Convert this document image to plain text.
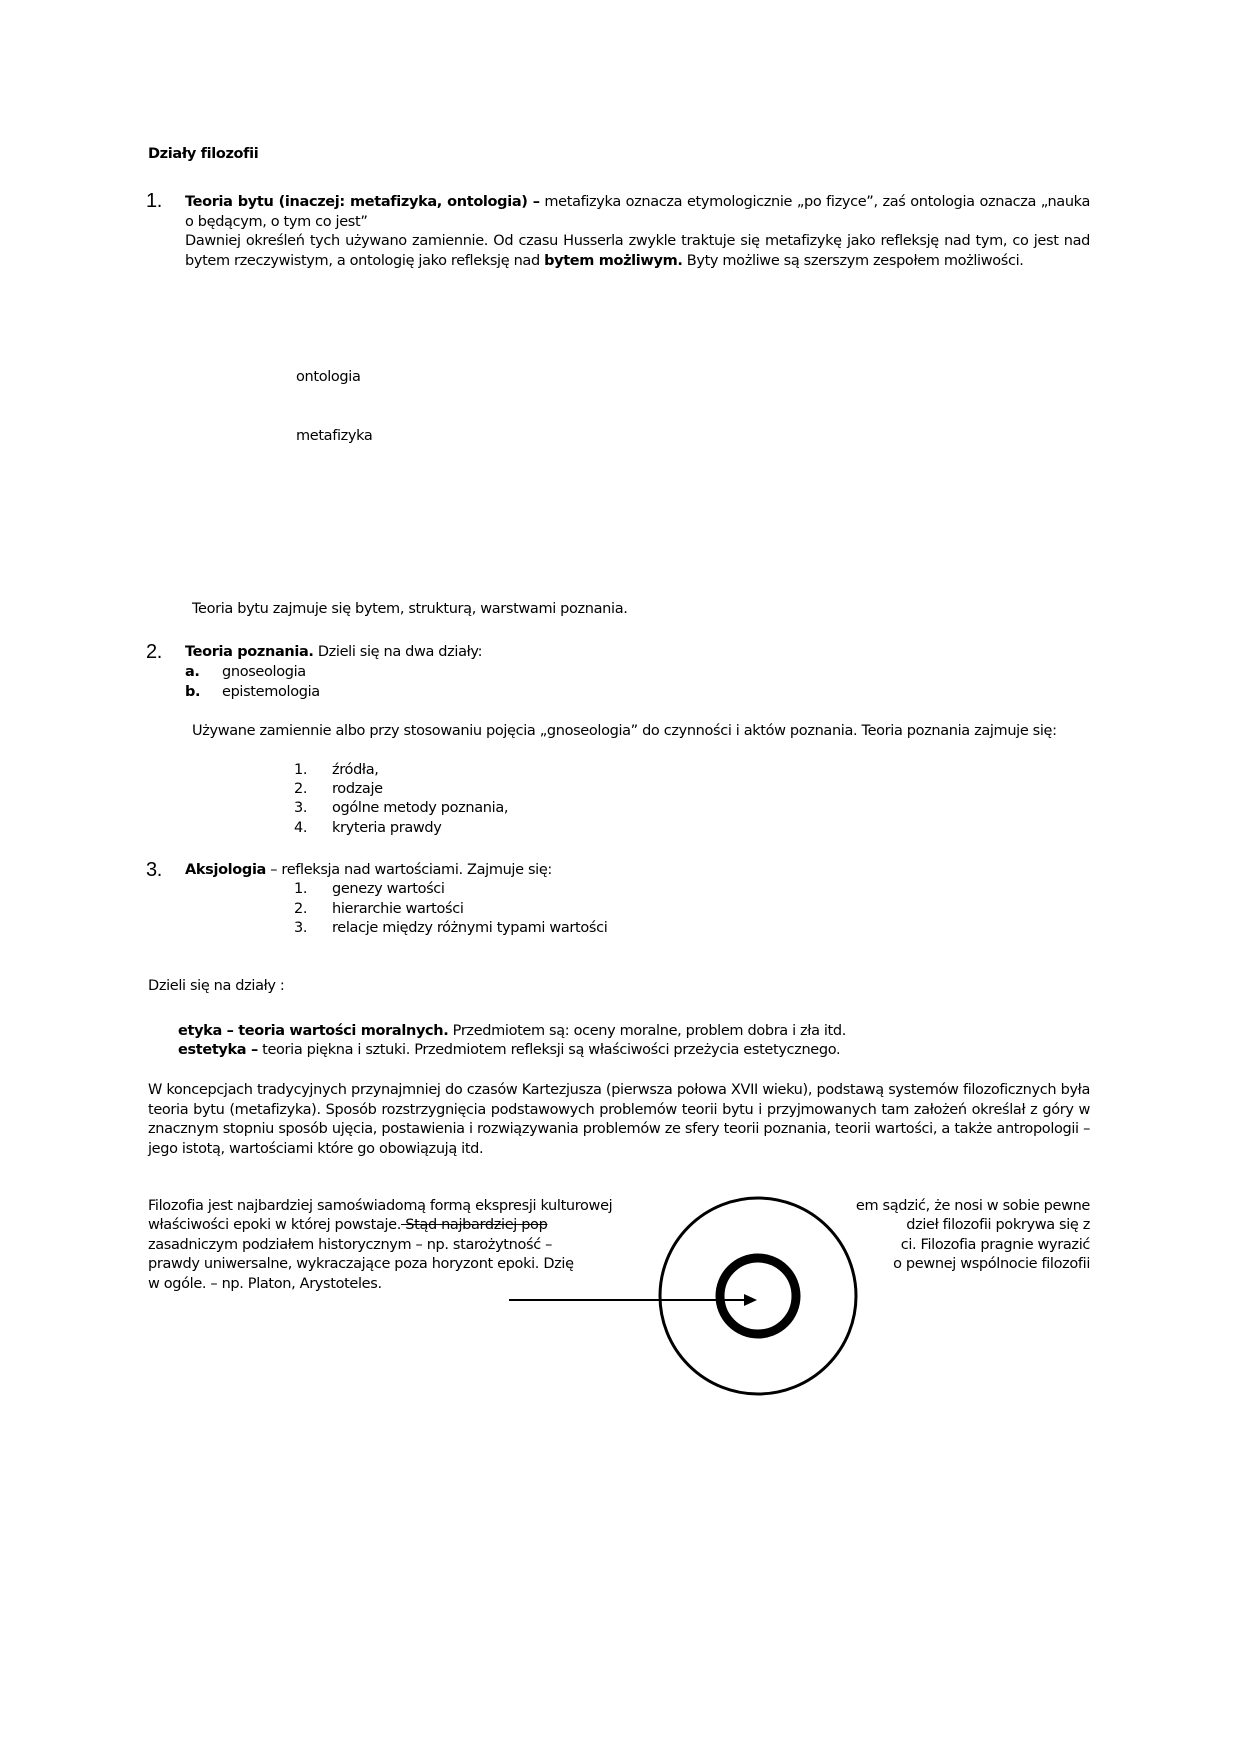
Działy filozofii
1. Teoria bytu (inaczej: metafizyka, ontologia) – metafizyka oznacza etymologicznie „po fizyce”, zaś ontologia oznacza „nauka o będącym, o tym co jest”
Dawniej określeń tych używano zamiennie. Od czasu Husserla zwykle traktuje się metafizykę jako refleksję nad tym, co jest nad bytem rzeczywistym, a ontologię jako refleksję nad bytem możliwym. Byty możliwe są szerszym zespołem możliwości.
ontologia
metafizyka
Teoria bytu zajmuje się bytem, strukturą, warstwami poznania.
2. Teoria poznania. Dzieli się na dwa działy:
a. gnoseologia
b. epistemologia
Używane zamiennie albo przy stosowaniu pojęcia „gnoseologia” do czynności i aktów poznania. Teoria poznania zajmuje się:
1. źródła,
2. rodzaje
3. ogólne metody poznania,
4. kryteria prawdy
3. Aksjologia – refleksja nad wartościami. Zajmuje się:
1. genezy wartości
2. hierarchie wartości
3. relacje między różnymi typami wartości
Dzieli się na działy :
etyka – teoria wartości moralnych. Przedmiotem są: oceny moralne, problem dobra i zła itd.
estetyka – teoria piękna i sztuki. Przedmiotem refleksji są właściwości przeżycia estetycznego.
W koncepcjach tradycyjnych przynajmniej do czasów Kartezjusza (pierwsza połowa XVII wieku), podstawą systemów filozoficznych była teoria bytu (metafizyka). Sposób rozstrzygnięcia podstawowych problemów teorii bytu i przyjmowanych tam założeń określał z góry w znacznym stopniu sposób ujęcia, postawienia i rozwiązywania problemów ze sfery teorii poznania, teorii wartości, a także antropologii – jego istotą, wartościami które go obowiązują itd.
Filozofia jest najbardziej samoświadomą formą ekspresji kulturowej	em sądzić, że nosi w sobie pewne
właściwości epoki w której powstaje. Stąd najbardziej pop	dzieł filozofii pokrywa się z
zasadniczym podziałem historycznym – np. starożytność –	ci. Filozofia pragnie wyrazić
prawdy uniwersalne, wykraczające poza horyzont epoki. Dzię	o pewnej wspólnocie filozofii
w ogóle. – np. Platon, Arystoteles.
